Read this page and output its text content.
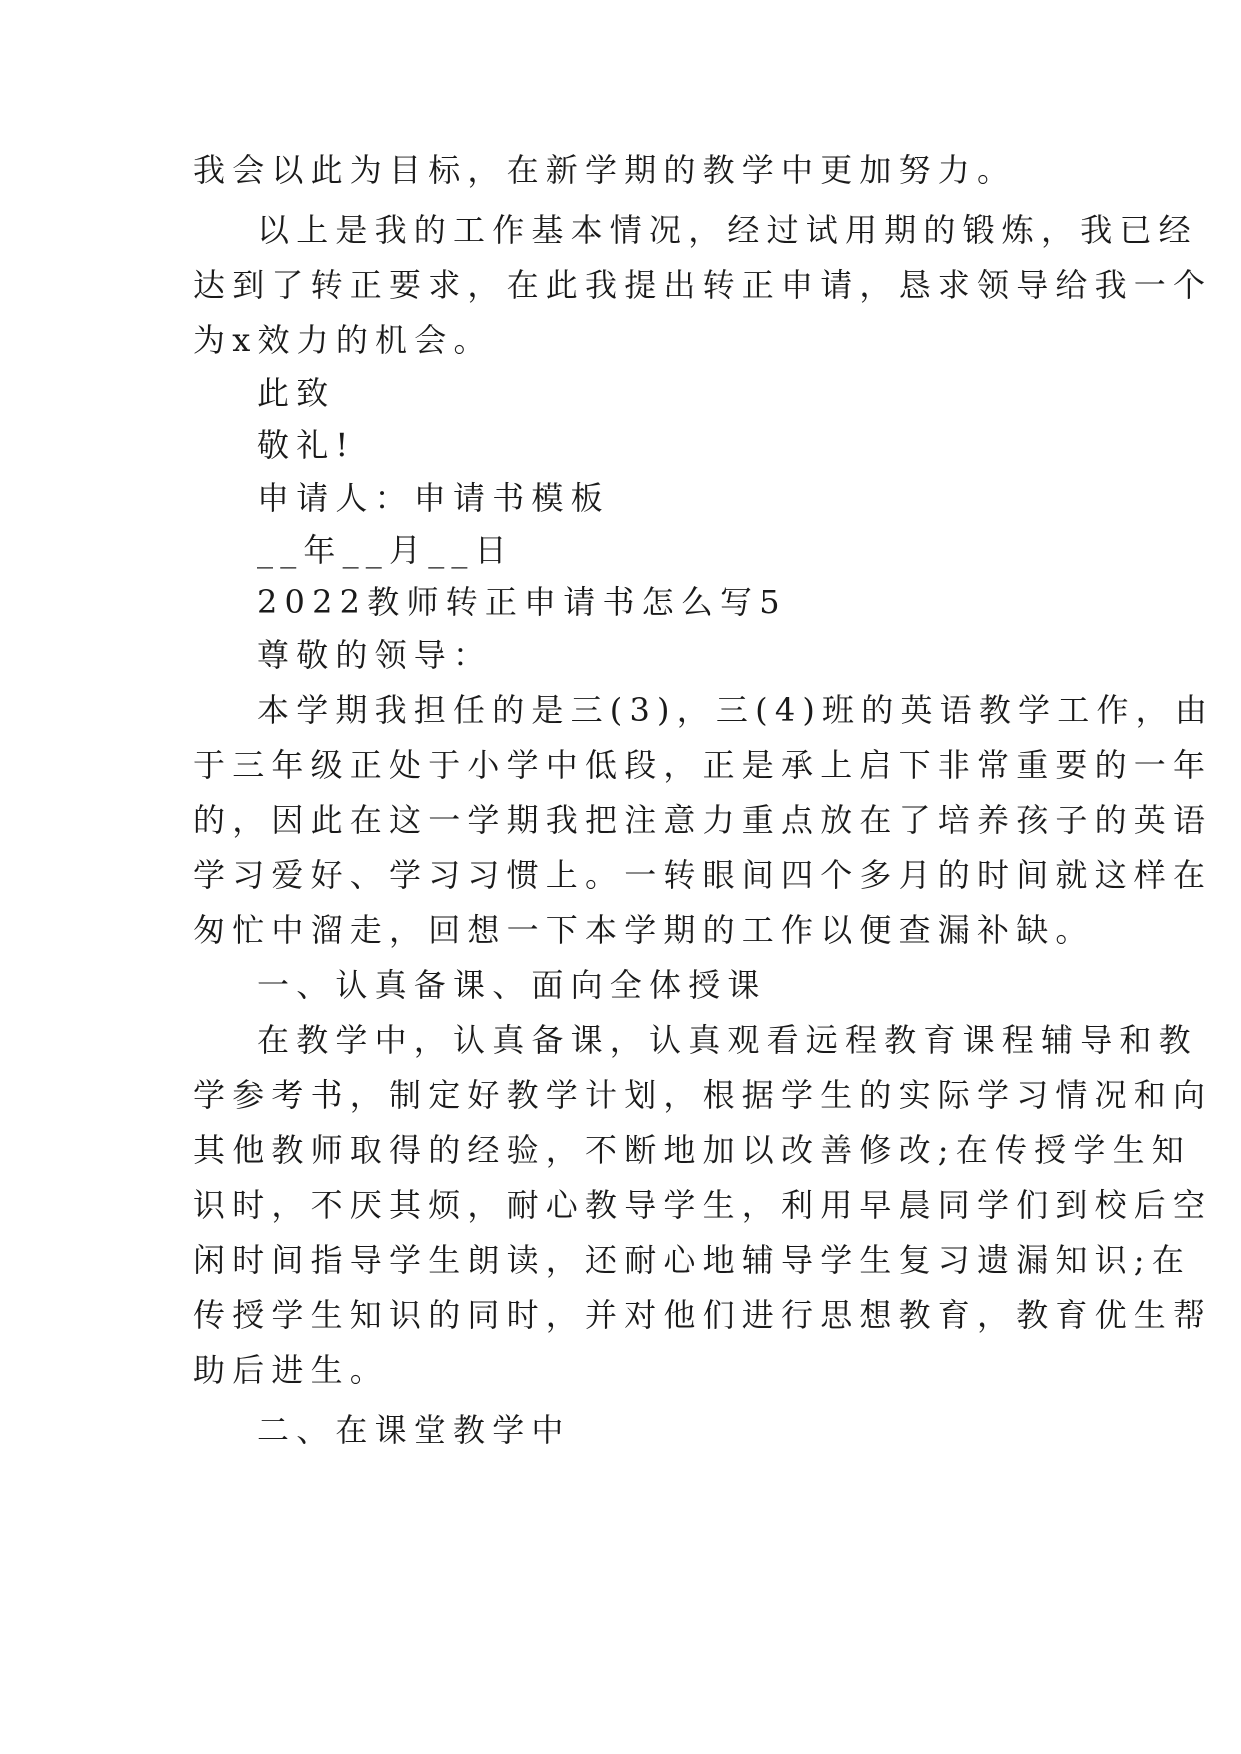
我会以此为目标，在新学期的教学中更加努力。
以上是我的工作基本情况，经过试用期的锻炼，我已经
达到了转正要求，在此我提出转正申请，恳求领导给我一个
为x效力的机会。
此致
敬礼!
申请人：申请书模板
__年__月__日
2022教师转正申请书怎么写5
尊敬的领导：
本学期我担任的是三(3)，三(4)班的英语教学工作，由
于三年级正处于小学中低段，正是承上启下非常重要的一年
的，因此在这一学期我把注意力重点放在了培养孩子的英语
学习爱好、学习习惯上。一转眼间四个多月的时间就这样在
匆忙中溜走，回想一下本学期的工作以便查漏补缺。
一、认真备课、面向全体授课
在教学中，认真备课，认真观看远程教育课程辅导和教
学参考书，制定好教学计划，根据学生的实际学习情况和向
其他教师取得的经验，不断地加以改善修改;在传授学生知
识时，不厌其烦，耐心教导学生，利用早晨同学们到校后空
闲时间指导学生朗读，还耐心地辅导学生复习遗漏知识;在
传授学生知识的同时，并对他们进行思想教育，教育优生帮
助后进生。
二、在课堂教学中
